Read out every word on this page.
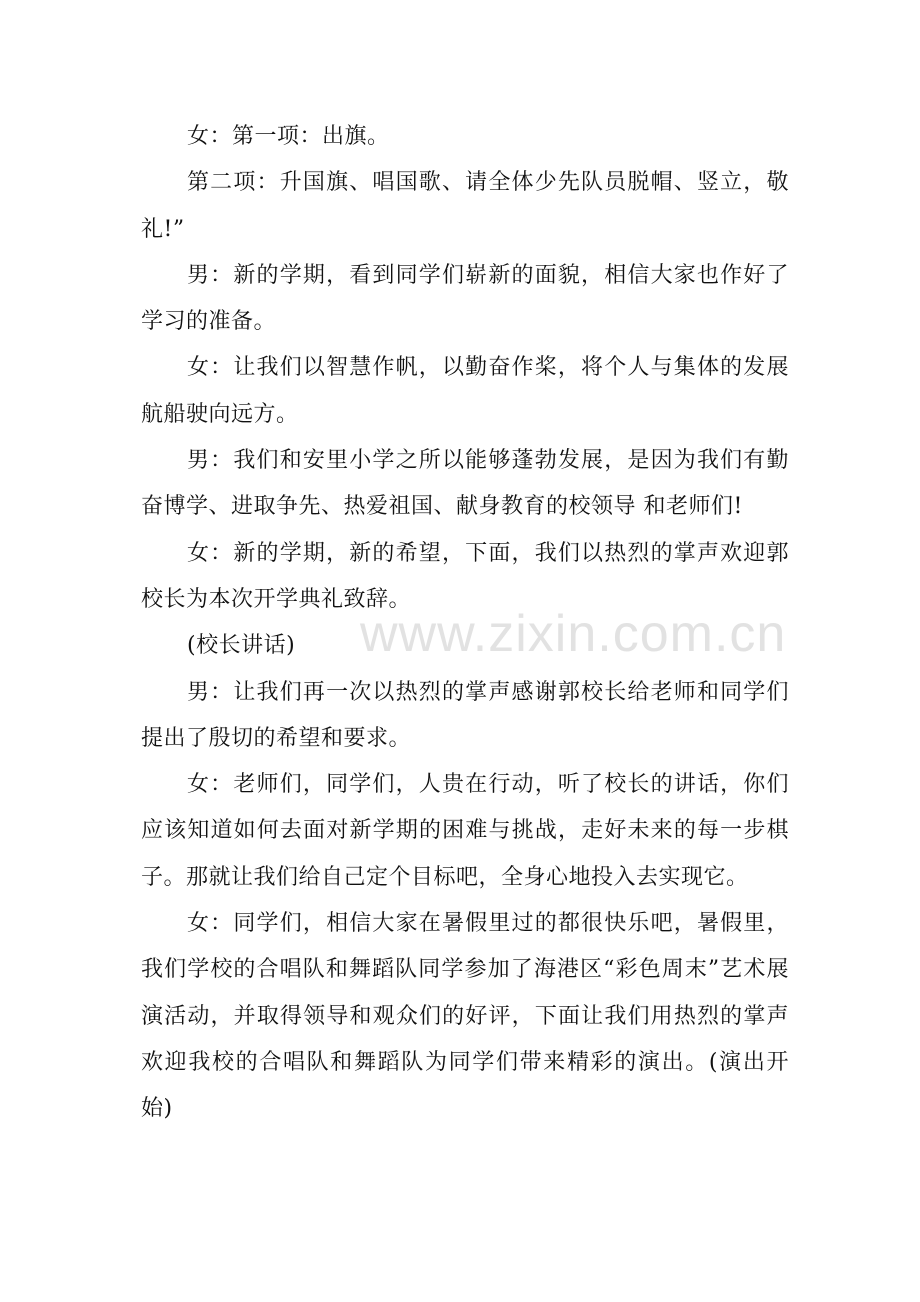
女：第一项：出旗。

第二项：升国旗、唱国歌、请全体少先队员脱帽、竖立，敬礼!”

男：新的学期，看到同学们崭新的面貌，相信大家也作好了学习的准备。

女：让我们以智慧作帆，以勤奋作桨，将个人与集体的发展航船驶向远方。

男：我们和安里小学之所以能够蓬勃发展，是因为我们有勤奋博学、进取争先、热爱祖国、献身教育的校领导 和老师们!

女：新的学期，新的希望，下面，我们以热烈的掌声欢迎郭校长为本次开学典礼致辞。

(校长讲话)

男：让我们再一次以热烈的掌声感谢郭校长给老师和同学们提出了殷切的希望和要求。

女：老师们，同学们，人贵在行动，听了校长的讲话，你们应该知道如何去面对新学期的困难与挑战，走好未来的每一步棋子。那就让我们给自己定个目标吧，全身心地投入去实现它。

女：同学们，相信大家在暑假里过的都很快乐吧，暑假里，我们学校的合唱队和舞蹈队同学参加了海港区“彩色周末”艺术展演活动，并取得领导和观众们的好评，下面让我们用热烈的掌声欢迎我校的合唱队和舞蹈队为同学们带来精彩的演出。(演出开始)

www.zixin.com.cn
